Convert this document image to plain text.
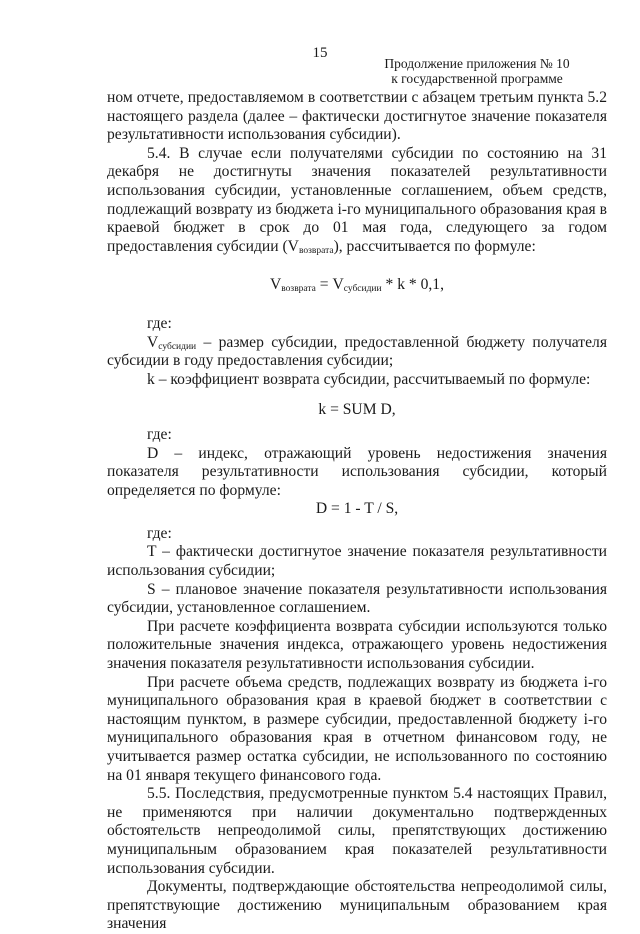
15
Продолжение приложения № 10
к государственной программе

ном отчете, предоставляемом в соответствии с абзацем третьим пункта 5.2 настоящего раздела (далее – фактически достигнутое значение показателя результативности использования субсидии).

5.4. В случае если получателями субсидии по состоянию на 31 декабря не достигнуты значения показателей результативности использования субсидии, установленные соглашением, объем средств, подлежащий возврату из бюджета i-го муниципального образования края в краевой бюджет в срок до 01 мая года, следующего за годом предоставления субсидии $(V_{возврата})$, рассчитывается по формуле:

$V_{возврата} = V_{субсидии} * k * 0,1$,

где:

$V_{субсидии}$ – размер субсидии, предоставленной бюджету получателя субсидии в году предоставления субсидии;

k – коэффициент возврата субсидии, рассчитываемый по формуле:

k = SUM D,

где:

D – индекс, отражающий уровень недостижения значения показателя результативности использования субсидии, который определяется по формуле:

D = 1 - T / S,

где:

T – фактически достигнутое значение показателя результативности использования субсидии;

S – плановое значение показателя результативности использования субсидии, установленное соглашением.

При расчете коэффициента возврата субсидии используются только положительные значения индекса, отражающего уровень недостижения значения показателя результативности использования субсидии.

При расчете объема средств, подлежащих возврату из бюджета i-го муниципального образования края в краевой бюджет в соответствии с настоящим пунктом, в размере субсидии, предоставленной бюджету i-го муниципального образования края в отчетном финансовом году, не учитывается размер остатка субсидии, не использованного по состоянию на 01 января текущего финансового года.

5.5. Последствия, предусмотренные пунктом 5.4 настоящих Правил, не применяются при наличии документально подтвержденных обстоятельств непреодолимой силы, препятствующих достижению муниципальным образованием края показателей результативности использования субсидии.

Документы, подтверждающие обстоятельства непреодолимой силы, препятствующие достижению муниципальным образованием края значения
